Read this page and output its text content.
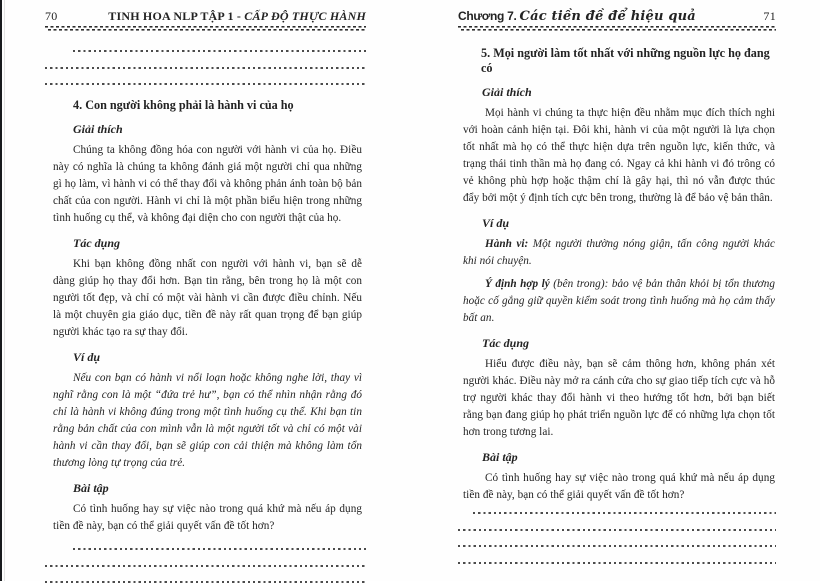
70	TINH HOA NLP TẬP 1 - CẤP ĐỘ THỰC HÀNH
4. Con người không phải là hành vi của họ
Giải thích

Chúng ta không đồng hóa con người với hành vi của họ. Điều này có nghĩa là chúng ta không đánh giá một người chỉ qua những gì họ làm, vì hành vi có thể thay đổi và không phản ánh toàn bộ bản chất của con người. Hành vi chỉ là một phần biểu hiện trong những tình huống cụ thể, và không đại diện cho con người thật của họ.

Tác dụng

Khi bạn không đồng nhất con người với hành vi, bạn sẽ dễ dàng giúp họ thay đổi hơn. Bạn tin rằng, bên trong họ là một con người tốt đẹp, và chỉ có một vài hành vi cần được điều chỉnh. Nếu là một chuyên gia giáo dục, tiền đề này rất quan trọng để bạn giúp người khác tạo ra sự thay đổi.

Ví dụ

Nếu con bạn có hành vi nổi loạn hoặc không nghe lời, thay vì nghĩ rằng con là một “đứa trẻ hư”, bạn có thể nhìn nhận rằng đó chỉ là hành vi không đúng trong một tình huống cụ thể. Khi bạn tin rằng bản chất của con mình vẫn là một người tốt và chỉ có một vài hành vi cần thay đổi, bạn sẽ giúp con cải thiện mà không làm tổn thương lòng tự trọng của trẻ.

Bài tập

Có tình huống hay sự việc nào trong quá khứ mà nếu áp dụng tiền đề này, bạn có thể giải quyết vấn đề tốt hơn?

Chương 7. Các tiền đề để hiệu quả	71
5. Mọi người làm tốt nhất với những nguồn lực họ đang có
Giải thích

Mọi hành vi chúng ta thực hiện đều nhằm mục đích thích nghi với hoàn cảnh hiện tại. Đôi khi, hành vi của một người là lựa chọn tốt nhất mà họ có thể thực hiện dựa trên nguồn lực, kiến thức, và trạng thái tinh thần mà họ đang có. Ngay cả khi hành vi đó trông có vẻ không phù hợp hoặc thậm chí là gây hại, thì nó vẫn được thúc đẩy bởi một ý định tích cực bên trong, thường là để bảo vệ bản thân.

Ví dụ

Hành vi: Một người thường nóng giận, tấn công người khác khi nói chuyện.

Ý định hợp lý (bên trong): bảo vệ bản thân khỏi bị tổn thương hoặc cố gắng giữ quyền kiểm soát trong tình huống mà họ cảm thấy bất an.

Tác dụng

Hiểu được điều này, bạn sẽ cảm thông hơn, không phán xét người khác. Điều này mở ra cánh cửa cho sự giao tiếp tích cực và hỗ trợ người khác thay đổi hành vi theo hướng tốt hơn, bởi bạn biết rằng bạn đang giúp họ phát triển nguồn lực để có những lựa chọn tốt hơn trong tương lai.

Bài tập

Có tình huống hay sự việc nào trong quá khứ mà nếu áp dụng tiền đề này, bạn có thể giải quyết vấn đề tốt hơn?
